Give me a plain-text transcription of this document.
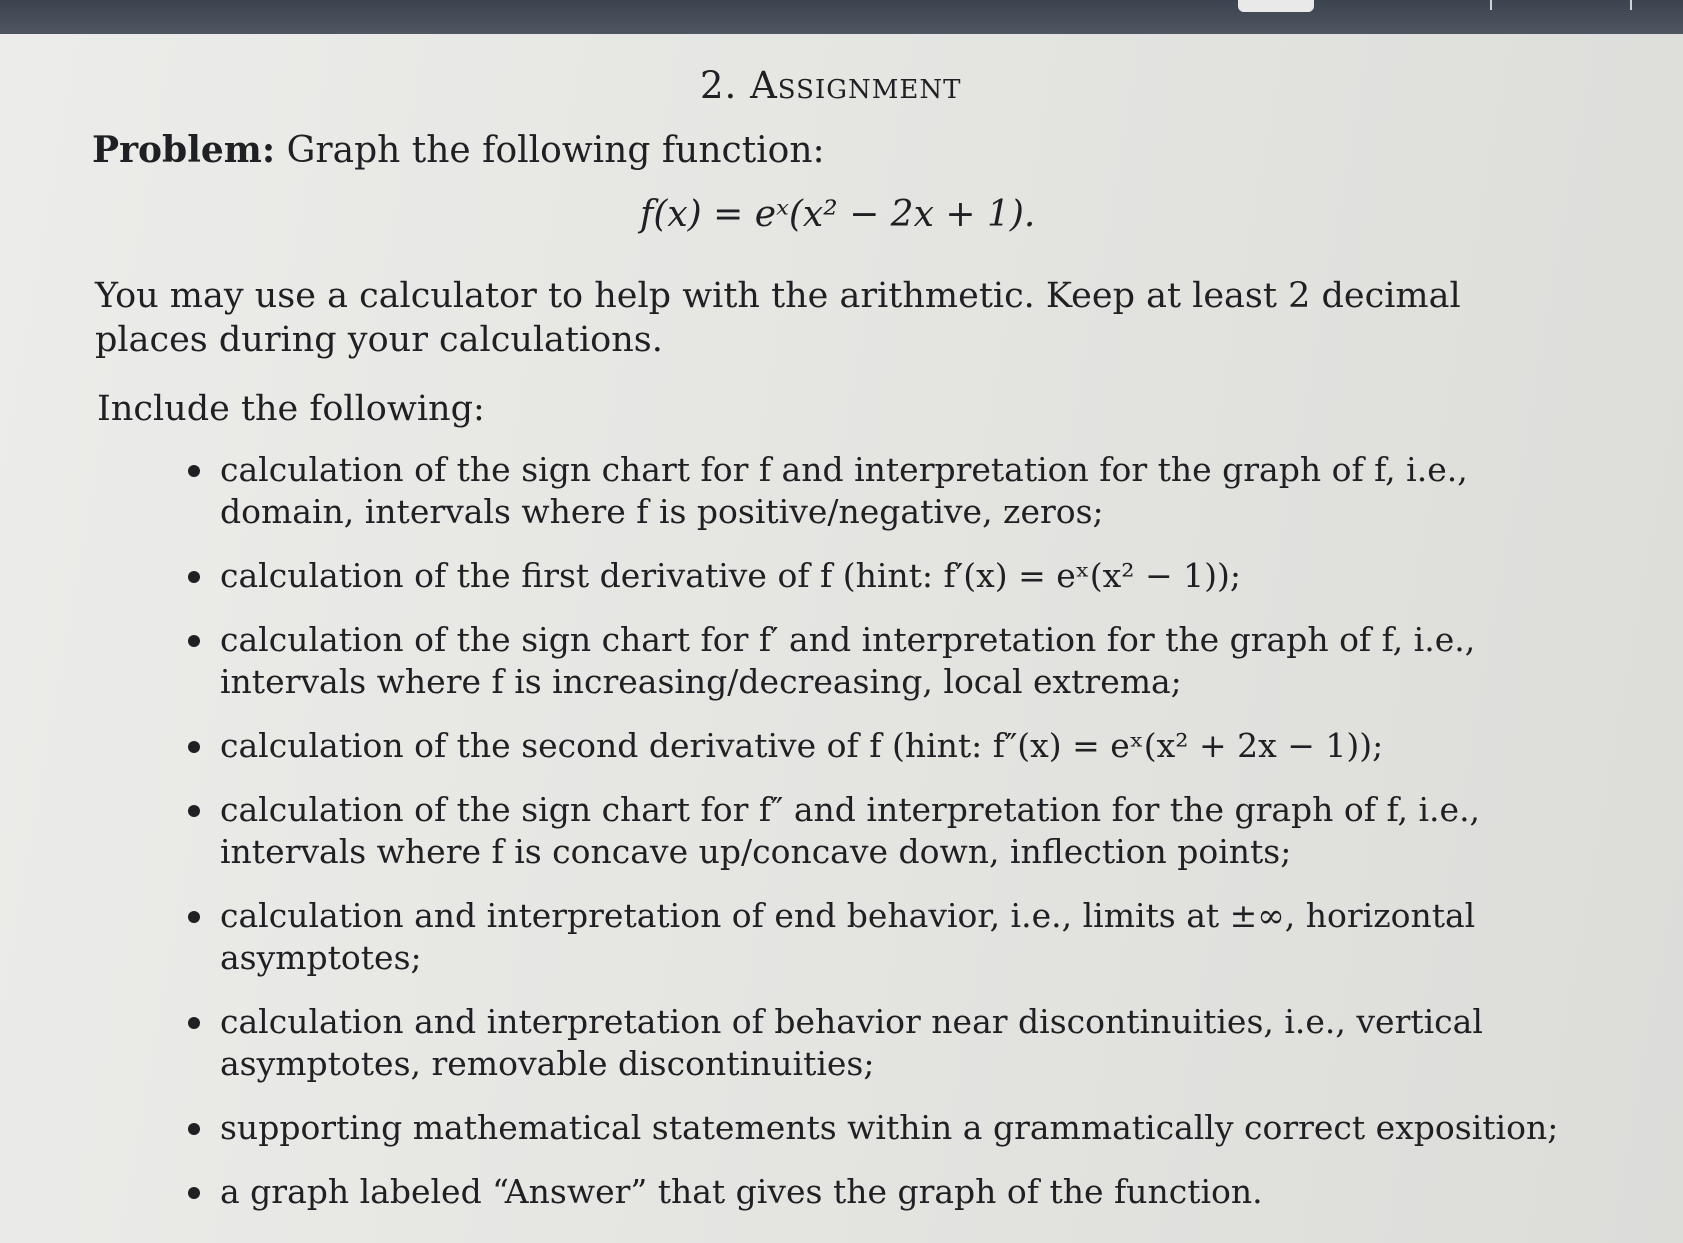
2. Assignment

Problem: Graph the following function:

f(x) = eˣ(x² − 2x + 1).

You may use a calculator to help with the arithmetic. Keep at least 2 decimal places during your calculations.

Include the following:

calculation of the sign chart for f and interpretation for the graph of f, i.e., domain, intervals where f is positive/negative, zeros;
calculation of the first derivative of f (hint: f′(x) = eˣ(x² − 1));
calculation of the sign chart for f′ and interpretation for the graph of f, i.e., intervals where f is increasing/decreasing, local extrema;
calculation of the second derivative of f (hint: f″(x) = eˣ(x² + 2x − 1));
calculation of the sign chart for f″ and interpretation for the graph of f, i.e., intervals where f is concave up/concave down, inflection points;
calculation and interpretation of end behavior, i.e., limits at ±∞, horizontal asymptotes;
calculation and interpretation of behavior near discontinuities, i.e., vertical asymptotes, removable discontinuities;
supporting mathematical statements within a grammatically correct exposition;
a graph labeled “Answer” that gives the graph of the function.
